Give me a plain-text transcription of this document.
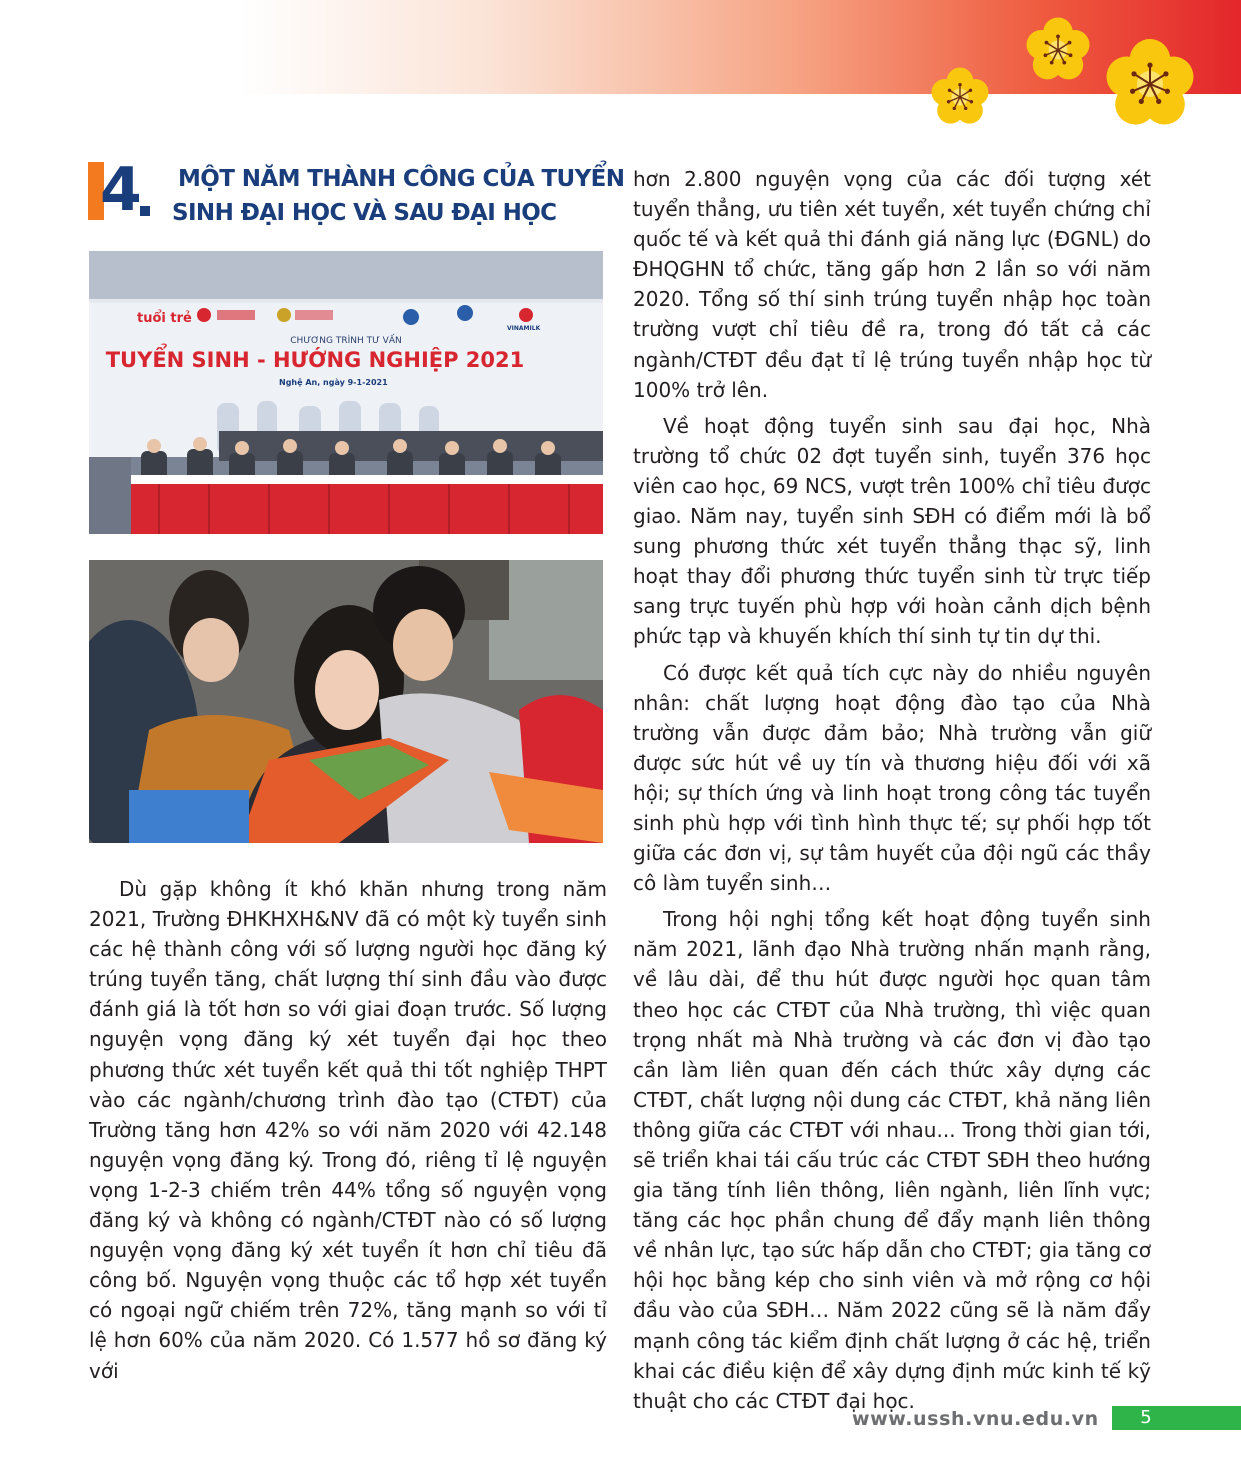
4 MỘT NĂM THÀNH CÔNG CỦA TUYỂN
SINH ĐẠI HỌC VÀ SAU ĐẠI HỌC
tuổi trẻ
VINAMILK
CHƯƠNG TRÌNH TƯ VẤN
TUYỂN SINH - HƯỚNG NGHIỆP 2021
Nghệ An, ngày 9-1-2021

Dù gặp không ít khó khăn nhưng trong năm 2021, Trường ĐHKHXH&NV đã có một kỳ tuyển sinh các hệ thành công với số lượng người học đăng ký trúng tuyển tăng, chất lượng thí sinh đầu vào được đánh giá là tốt hơn so với giai đoạn trước. Số lượng nguyện vọng đăng ký xét tuyển đại học theo phương thức xét tuyển kết quả thi tốt nghiệp THPT vào các ngành/chương trình đào tạo (CTĐT) của Trường tăng hơn 42% so với năm 2020 với 42.148 nguyện vọng đăng ký. Trong đó, riêng tỉ lệ nguyện vọng 1-2-3 chiếm trên 44% tổng số nguyện vọng đăng ký và không có ngành/CTĐT nào có số lượng nguyện vọng đăng ký xét tuyển ít hơn chỉ tiêu đã công bố. Nguyện vọng thuộc các tổ hợp xét tuyển có ngoại ngữ chiếm trên 72%, tăng mạnh so với tỉ lệ hơn 60% của năm 2020. Có 1.577 hồ sơ đăng ký với

hơn 2.800 nguyện vọng của các đối tượng xét tuyển thẳng, ưu tiên xét tuyển, xét tuyển chứng chỉ quốc tế và kết quả thi đánh giá năng lực (ĐGNL) do ĐHQGHN tổ chức, tăng gấp hơn 2 lần so với năm 2020. Tổng số thí sinh trúng tuyển nhập học toàn trường vượt chỉ tiêu đề ra, trong đó tất cả các ngành/CTĐT đều đạt tỉ lệ trúng tuyển nhập học từ 100% trở lên.

Về hoạt động tuyển sinh sau đại học, Nhà trường tổ chức 02 đợt tuyển sinh, tuyển 376 học viên cao học, 69 NCS, vượt trên 100% chỉ tiêu được giao. Năm nay, tuyển sinh SĐH có điểm mới là bổ sung phương thức xét tuyển thẳng thạc sỹ, linh hoạt thay đổi phương thức tuyển sinh từ trực tiếp sang trực tuyến phù hợp với hoàn cảnh dịch bệnh phức tạp và khuyến khích thí sinh tự tin dự thi.

Có được kết quả tích cực này do nhiều nguyên nhân: chất lượng hoạt động đào tạo của Nhà trường vẫn được đảm bảo; Nhà trường vẫn giữ được sức hút về uy tín và thương hiệu đối với xã hội; sự thích ứng và linh hoạt trong công tác tuyển sinh phù hợp với tình hình thực tế; sự phối hợp tốt giữa các đơn vị, sự tâm huyết của đội ngũ các thầy cô làm tuyển sinh…

Trong hội nghị tổng kết hoạt động tuyển sinh năm 2021, lãnh đạo Nhà trường nhấn mạnh rằng, về lâu dài, để thu hút được người học quan tâm theo học các CTĐT của Nhà trường, thì việc quan trọng nhất mà Nhà trường và các đơn vị đào tạo cần làm liên quan đến cách thức xây dựng các CTĐT, chất lượng nội dung các CTĐT, khả năng liên thông giữa các CTĐT với nhau... Trong thời gian tới, sẽ triển khai tái cấu trúc các CTĐT SĐH theo hướng gia tăng tính liên thông, liên ngành, liên lĩnh vực; tăng các học phần chung để đẩy mạnh liên thông về nhân lực, tạo sức hấp dẫn cho CTĐT; gia tăng cơ hội học bằng kép cho sinh viên và mở rộng cơ hội đầu vào của SĐH… Năm 2022 cũng sẽ là năm đẩy mạnh công tác kiểm định chất lượng ở các hệ, triển khai các điều kiện để xây dựng định mức kinh tế kỹ thuật cho các CTĐT đại học.

www.ussh.vnu.edu.vn	5
